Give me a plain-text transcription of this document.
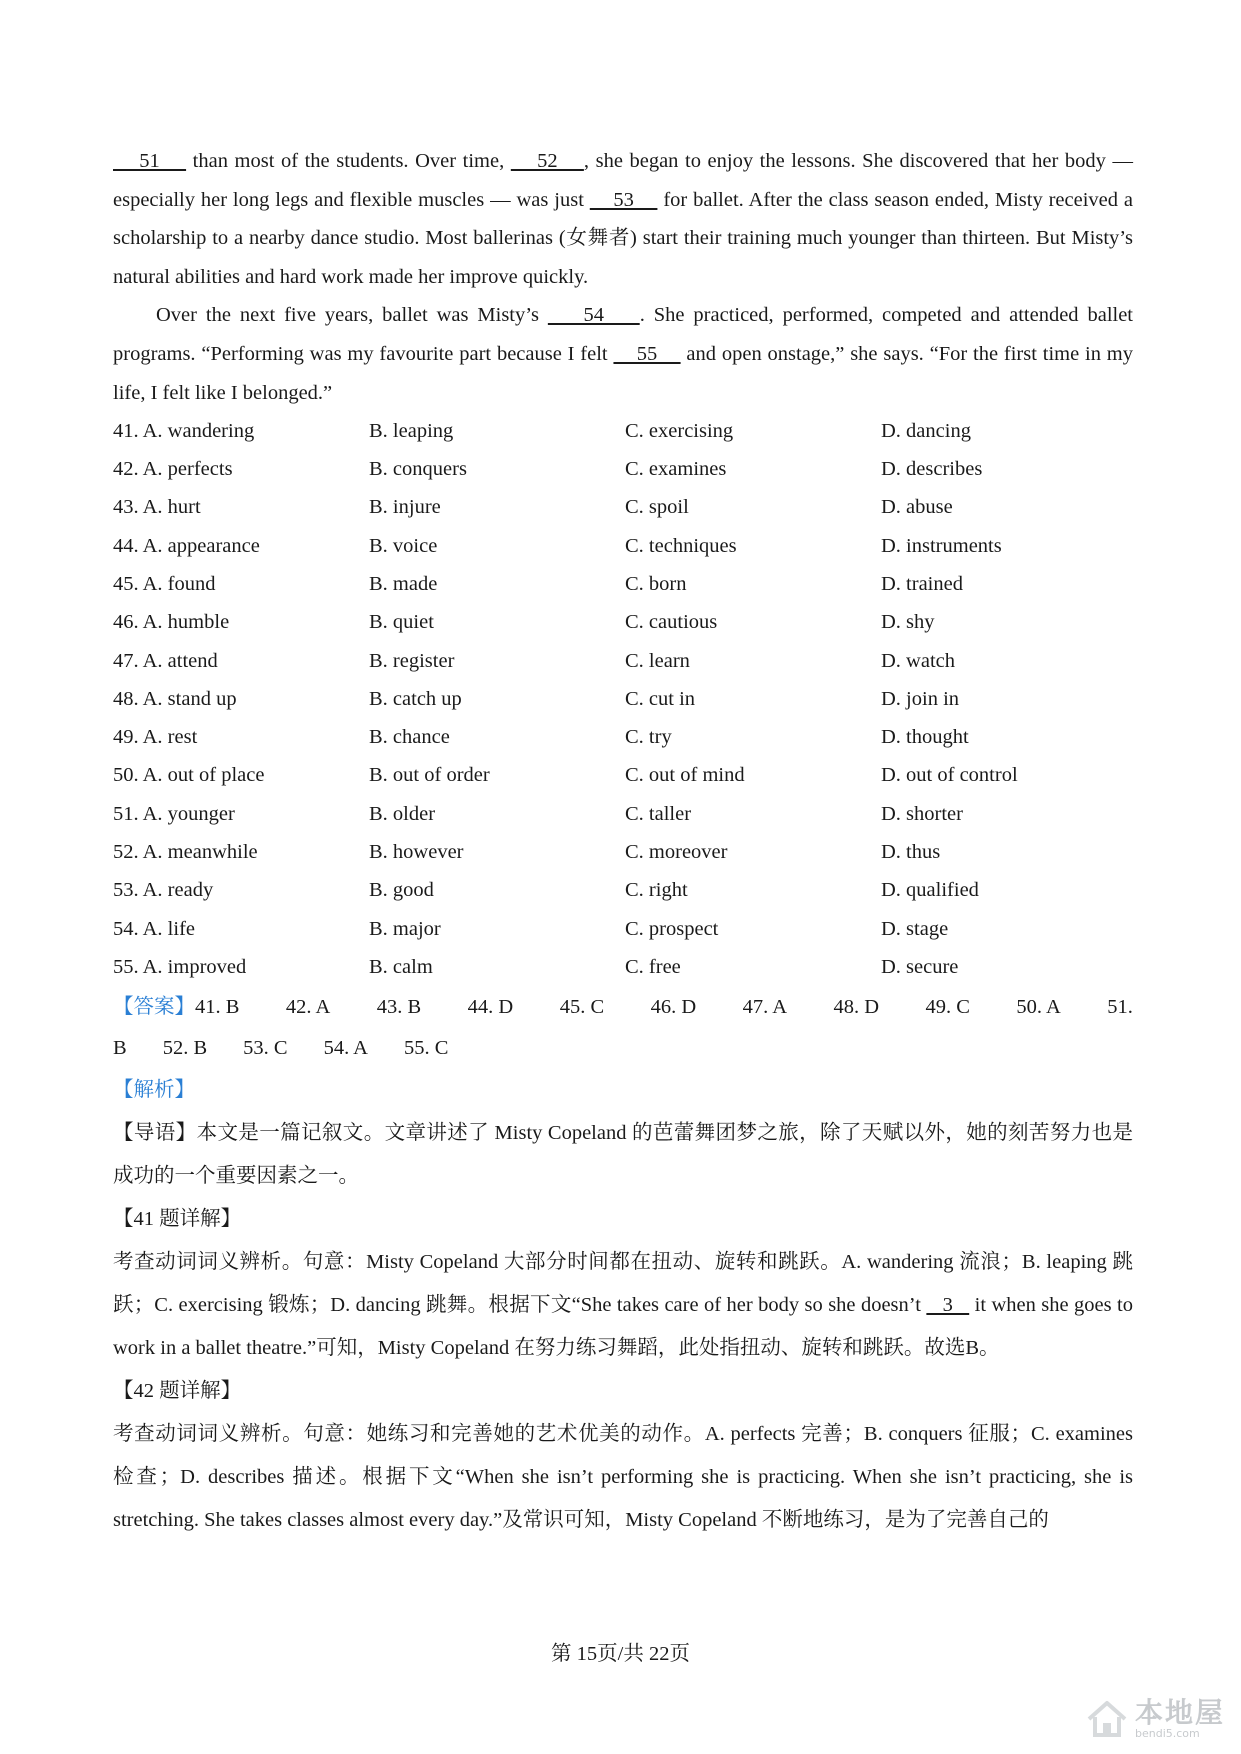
51     than most of the students. Over time,     52    , she began to enjoy the lessons. She discovered that her body — especially her long legs and flexible muscles — was just     53     for ballet. After the class season ended, Misty received a scholarship to a nearby dance studio. Most ballerinas (女舞者) start their training much younger than thirteen. But Misty’s natural abilities and hard work made her improve quickly.

Over the next five years, ballet was Misty’s     54    . She practiced, performed, competed and attended ballet programs. “Performing was my favourite part because I felt     55     and open onstage,” she says. “For the first time in my life, I felt like I belonged.”

41. A. wandering	B. leaping	C. exercising	D. dancing
42. A. perfects	B. conquers	C. examines	D. describes
43. A. hurt	B. injure	C. spoil	D. abuse
44. A. appearance	B. voice	C. techniques	D. instruments
45. A. found	B. made	C. born	D. trained
46. A. humble	B. quiet	C. cautious	D. shy
47. A. attend	B. register	C. learn	D. watch
48. A. stand up	B. catch up	C. cut in	D. join in
49. A. rest	B. chance	C. try	D. thought
50. A. out of place	B. out of order	C. out of mind	D. out of control
51. A. younger	B. older	C. taller	D. shorter
52. A. meanwhile	B. however	C. moreover	D. thus
53. A. ready	B. good	C. right	D. qualified
54. A. life	B. major	C. prospect	D. stage
55. A. improved	B. calm	C. free	D. secure
【答案】41. B 42. A 43. B 44. D 45. C 46. D 47. A 48. D 49. C 50. A 51.
B 52. B 53. C 54. A 55. C

【解析】

【导语】本文是一篇记叙文。文章讲述了 Misty Copeland 的芭蕾舞团梦之旅，除了天赋以外，她的刻苦努力也是成功的一个重要因素之一。

【41 题详解】

考查动词词义辨析。句意：Misty Copeland 大部分时间都在扭动、旋转和跳跃。A. wandering 流浪；B. leaping 跳跃；C. exercising 锻炼；D. dancing 跳舞。根据下文“She takes care of her body so she doesn’t    3    it when she goes to work in a ballet theatre.”可知，Misty Copeland 在努力练习舞蹈，此处指扭动、旋转和跳跃。故选B。

【42 题详解】

考查动词词义辨析。句意：她练习和完善她的艺术优美的动作。A. perfects 完善；B. conquers 征服；C. examines 检查；D. describes 描述。根据下文“When she isn’t performing she is practicing. When she isn’t practicing, she is stretching. She takes classes almost every day.”及常识可知，Misty Copeland 不断地练习，是为了完善自己的

第 15页/共 22页
本地屋
bendi5.com
